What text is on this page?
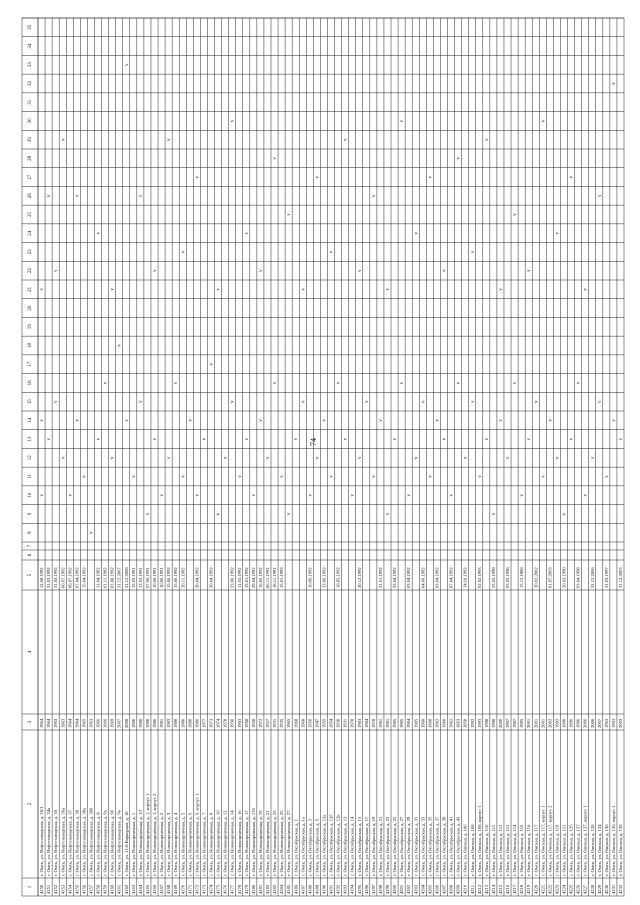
1
2
3
4
5
6
7
8
9
10
11
12
13
14
15
16
17
18
19
20
21
22
23
24
25
26
27
28
29
30
31
32
33
34
35
4150
г. Омск, ул. Нефтезаводская, д. 26/1
1964
11.08.1992
v
v
v
4151
г. Омск, ул. Нефтезаводская, д. 34а
1964
31.03.1992
v
v
4152
г. Омск, ул. Нефтезаводская, д. 36
1963
31.03.1992
v
v
4153
г. Омск, ул. Нефтезаводская, д. 36а
1963
06.07.1992
v
v
4154
г. Омск, ул. Нефтезаводская, д. 37
1964
06.07.1992
v
4155
г. Омск, ул. Нефтезаводская, д. 38
1964
07.04.1992
v
v
4156
г. Омск, ул. Нефтезаводская, д. 38а
1965
15.04.1992
v
4157
г. Омск, ул. Нефтезаводская, д. 38б
1963
v
4158
г. Омск, ул. Нефтезаводская, д. 8
1966
11.04.1992
v
v
4159
г. Омск, ул. Нефтезаводская, д. 9а
1966
01.11.1992
v
4160
г. Омск, ул. Нефтезаводская, д. 9б
1969
03.08.1992
v
v
4161
г. Омск, ул. Нефтезаводская, д. 9в
2007
31.12.2007
v
4162
г. Омск, ул. 11-й Карьерная, д. 18
2008
31.12.2008
v
v
4163
г. Омск, ул. Новокирпичная, д. 1
1980
13.03.1991
v
4164
г. Омск, ул. Новокирпичная, д. 1/1
1980
13.03.1991
v
v
4165
г. Омск, ул. Новокирпичная, д. 1, корпус 1
1980
07.06.1991
v
4166
г. Омск, ул. Новокирпичная, д. 1, корпус 2
1986
10.06.1991
v
v
4167
г. Омск, ул. Новокирпичная, д. 2
1981
10.06.1991
v
4168
г. Омск, ул. Новокирпичная, д. 3
1983
15.06.1992
v
v
4169
г. Омск, ул. Новокирпичная, д. 4
1980
15.06.1992
v
4170
г. Омск, ул. Новокирпичная, д. 5
1980
20.11.1992
v
v
4171
г. Омск, ул. Новокирпичная, д. 6
1980
v
4172
г. Омск, ул. Новокирпичная, д. 6, корпус 1
1980
20.04.1992
v
v
4173
г. Омск, ул. Новокирпичная, д. 7
1977
v
4174
г. Омск, ул. Новокирпичная, д. 8
1973
20.04.1992
v
4175
г. Омск, ул. Новокирпичная, д. 10
1974
v
v
4176
г. Омск, ул. Новокирпичная, д. 12
1978
v
4177
г. Омск, ул. Новокирпичная, д. 14
1950
23.06.1992
v
v
4178
г. Омск, ул. Новокирпичная, д. 16
1963
11.03.1992
v
4179
г. Омск, ул. Новокирпичная, д. 17
1958
13.01.1992
v
v
4180
г. Омск, ул. Новокирпичная, д. 17б
1958
29.04.1992
v
4181
г. Омск, ул. Новокирпичная, д. 19
1972
16.05.1992
v
v
4182
г. Омск, ул. Новокирпичная, д. 21
1927
06.11.1992
v
4183
г. Омск, ул. Новокирпичная, д. 23
1931
18.11.1992
v
v
4184
г. Омск, ул. Новокирпичная, д. 25
1935
15.01.1993
v
4185
г. Омск, ул. Новокирпичная, д. 27
1965
v
v
4186
г. Омск, ул. Октябрьская, д. 1
1968
v
4187
г. Омск, ул. Октябрьская, д. 1а
1968
v
v
4188
г. Омск, ул. Октябрьская, д. 3
1956
10.06.1992
v
4189
г. Омск, ул. Октябрьская, д. 5
1947
v
v
4190
г. Омск, ул. Октябрьская, д. 12а
1955
13.06.1992
v
4191
г. Омск, ул. Октябрьская, д. 12б
1954
v
v
4192
г. Омск, ул. Октябрьская, д. 12в
1930
16.05.1992
v
4193
г. Омск, ул. Октябрьская, д. 13
1931
v
v
4194
г. Омск, ул. Октябрьская, д. 14
1978
v
4195
г. Омск, ул. Октябрьская, д. 15
1983
20.12.1992
v
v
4196
г. Омск, ул. Октябрьская, д. 17
1984
v
4197
г. Омск, ул. Октябрьская, д. 19
1978
v
v
4198
г. Омск, ул. Октябрьская, д. 21
1981
21.01.1992
v
4199
г. Омск, ул. Октябрьская, д. 23
1981
v
v
4200
г. Омск, ул. Октябрьская, д. 25
1985
23.04.1992
v
4201
г. Омск, ул. Октябрьская, д. 27
1985
v
v
4202
г. Омск, ул. Октябрьская, д. 29
1984
03.04.1992
v
4203
г. Омск, ул. Октябрьская, д. 31
1985
v
v
4204
г. Омск, ул. Октябрьская, д. 33
1968
04.06.1992
v
4205
г. Омск, ул. Октябрьская, д. 35
1968
v
v
4206
г. Омск, ул. Октябрьская, д. 37
1962
03.04.1992
v
4207
г. Омск, ул. Октябрьская, д. 39
1960
v
v
4208
г. Омск, ул. Октябрьская, д. 41
1962
07.04.1992
v
4209
г. Омск, ул. Октябрьская, д. 43
1963
v
v
4210
г. Омск, ул. Омская, д. 106
1958
14.10.1992
v
4211
г. Омск, ул. Омская, д. 108
1992
v
v
4212
г. Омск, ул. Омская, д. 108, корпус 1
1993
02.02.1993
v
4213
г. Омск, ул. Омская, д. 110
1998
v
v
4214
г. Омск, ул. Омская, д. 111
1998
23.02.1999
v
4215
г. Омск, ул. Омская, д. 112
2000
v
v
4216
г. Омск, ул. Омская, д. 113
1987
03.02.1998
v
4217
г. Омск, ул. Омская, д. 114
1987
v
v
4218
г. Омск, ул. Омская, д. 115
1985
15.12.1986
v
4219
г. Омск, ул. Омская, д. 116
2001
v
v
4220
г. Омск, ул. Омская, д. 117
2001
20.02.2002
v
4221
г. Омск, ул. Омская, д. 117, корпус 1
2001
v
v
4222
г. Омск, ул. Омская, д. 117, корпус 2
2002
01.07.2003
v
4223
г. Омск, ул. Омская, д. 119
1992
v
v
4224
г. Омск, ул. Омская, д. 121
1990
20.03.1990
v
4225
г. Омск, ул. Омская, д. 125
1996
v
v
4226
г. Омск, ул. Омская, д. 127
1996
03.04.1998
v
4227
г. Омск, ул. Омская, д. 127, корпус 1
2006
v
v
4228
г. Омск, ул. Омская, д. 128
2006
31.12.2006
v
4229
г. Омск, ул. Омская, д. 134
2007
v
v
4230
г. Омск, ул. Омская, д. 136
1963
21.03.1997
v
4231
г. Омск, ул. Омская, д. 136, корпус 1
1963
v
v
4232
г. Омск, ул. Омская, д. 138
2003
31.12.2003
v
74
